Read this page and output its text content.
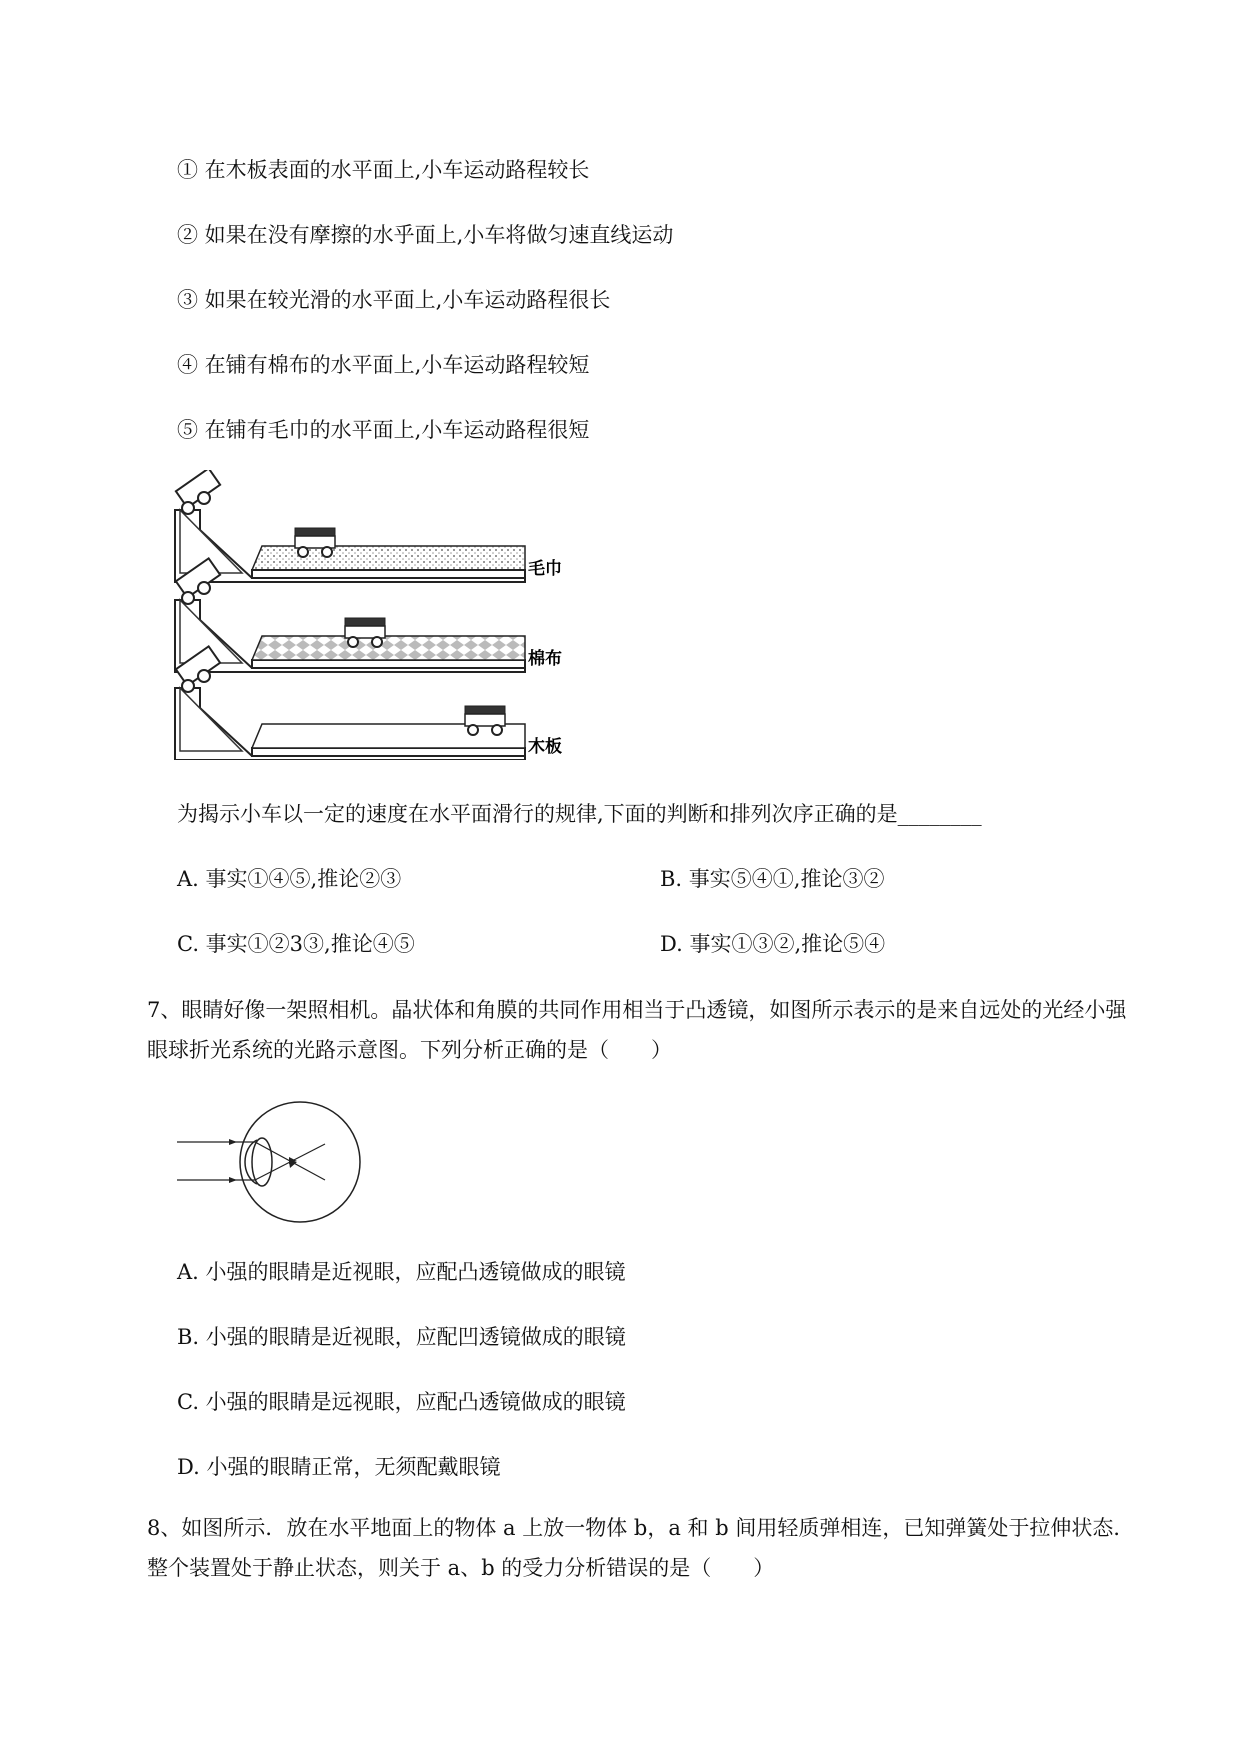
① 在木板表面的水平面上,小车运动路程较长
② 如果在没有摩擦的水乎面上,小车将做匀速直线运动
③ 如果在较光滑的水平面上,小车运动路程很长
④ 在铺有棉布的水平面上,小车运动路程较短
⑤ 在铺有毛巾的水平面上,小车运动路程很短
毛巾
棉布
木板
为揭示小车以一定的速度在水平面滑行的规律,下面的判断和排列次序正确的是________
A. 事实①④⑤,推论②③	B. 事实⑤④①,推论③②
C. 事实①②3③,推论④⑤	D. 事实①③②,推论⑤④
7、眼睛好像一架照相机。晶状体和角膜的共同作用相当于凸透镜，如图所示表示的是来自远处的光经小强眼球折光系统的光路示意图。下列分析正确的是（　　）
A. 小强的眼睛是近视眼，应配凸透镜做成的眼镜
B. 小强的眼睛是近视眼，应配凹透镜做成的眼镜
C. 小强的眼睛是远视眼，应配凸透镜做成的眼镜
D. 小强的眼睛正常，无须配戴眼镜
8、如图所示．放在水平地面上的物体 a 上放一物体 b，a 和 b 间用轻质弹相连，已知弹簧处于拉伸状态．整个装置处于静止状态，则关于 a、b 的受力分析错误的是（　　）
